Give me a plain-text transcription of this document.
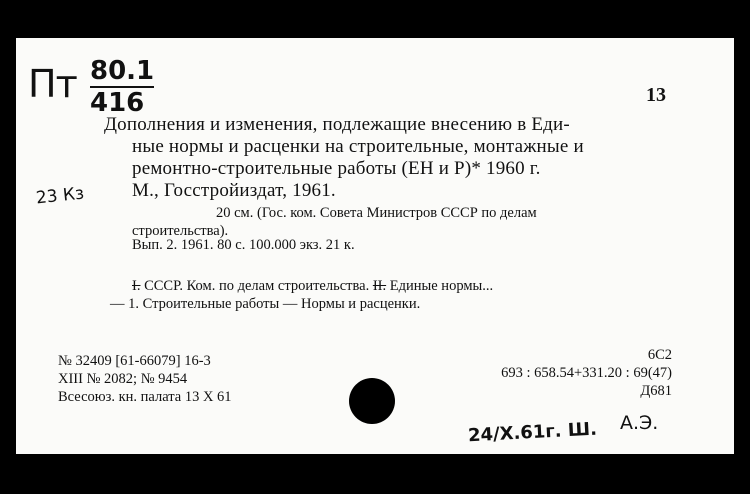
Пт 80.1
416	13
Дополнения и изменения, подлежащие внесению в Еди-
ные нормы и расценки на строительные, монтажные и
ремонтно-строительные работы (ЕН и Р)* 1960 г.
М., Госстройиздат, 1961.
23 Кз
20 см. (Гос. ком. Совета Министров СССР по делам
строительства).
Вып. 2. 1961. 80 с. 100.000 экз. 21 к.
I. СССР. Ком. по делам строительства. II. Единые нормы...
— 1. Строительные работы — Нормы и расценки.
№ 32409 [61-66079] 16-3
XIII № 2082; № 9454
Всесоюз. кн. палата 13 X 61
6С2
693 : 658.54+331.20 : 69(47)
Д681
24/X.61г. Ш. А.Э.
